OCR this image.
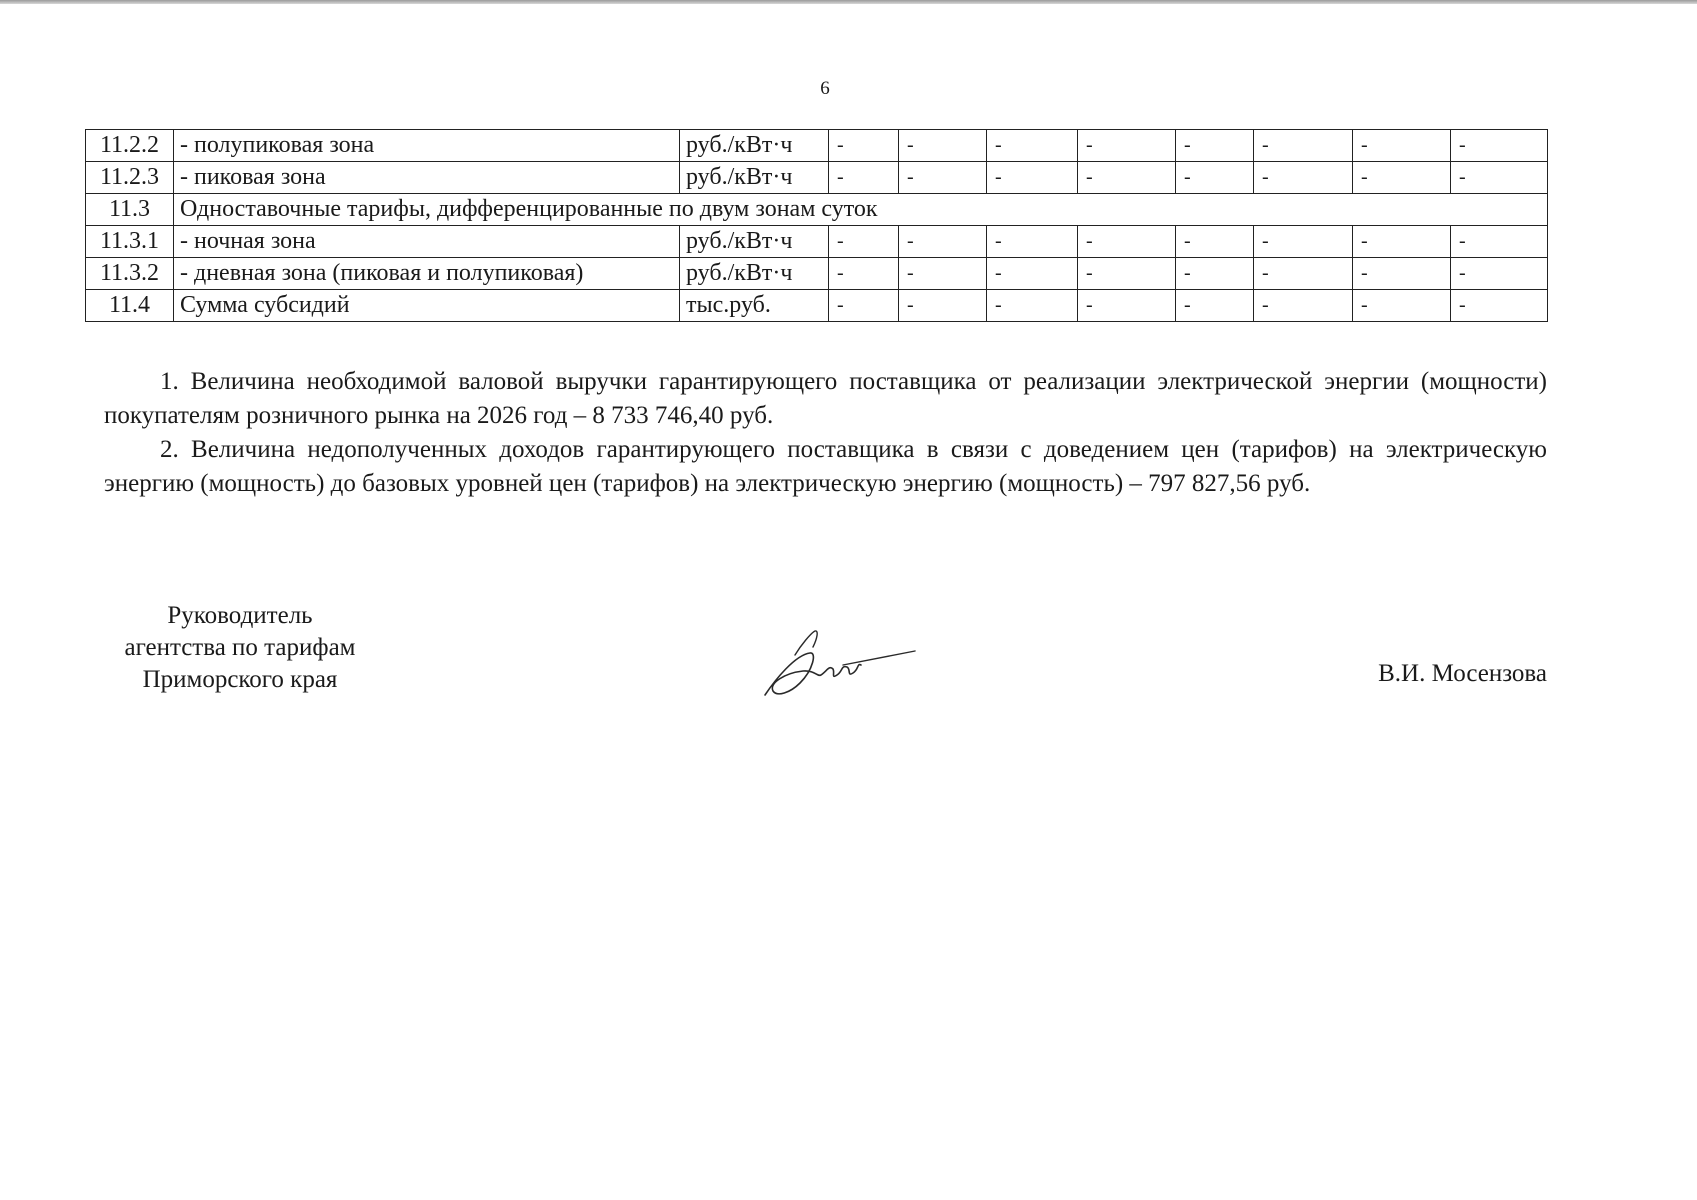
6
11.2.2	- полупиковая зона	руб./кВт·ч	-	-	-	-	-	-	-	-
11.2.3	- пиковая зона	руб./кВт·ч	-	-	-	-	-	-	-	-
11.3	Одноставочные тарифы, дифференцированные по двум зонам суток									
11.3.1	- ночная зона	руб./кВт·ч	-	-	-	-	-	-	-	-
11.3.2	- дневная зона (пиковая и полупиковая)	руб./кВт·ч	-	-	-	-	-	-	-	-
11.4	Сумма субсидий	тыс.руб.	-	-	-	-	-	-	-	-

1. Величина необходимой валовой выручки гарантирующего поставщика от реализации электрической энергии (мощности) покупателям розничного рынка на 2026 год – 8 733 746,40 руб.

2. Величина недополученных доходов гарантирующего поставщика в связи с доведением цен (тарифов) на электрическую энергию (мощность) до базовых уровней цен (тарифов) на электрическую энергию (мощность) – 797 827,56 руб.

Руководитель
агентства по тарифам
Приморского края	В.И. Мосензова
